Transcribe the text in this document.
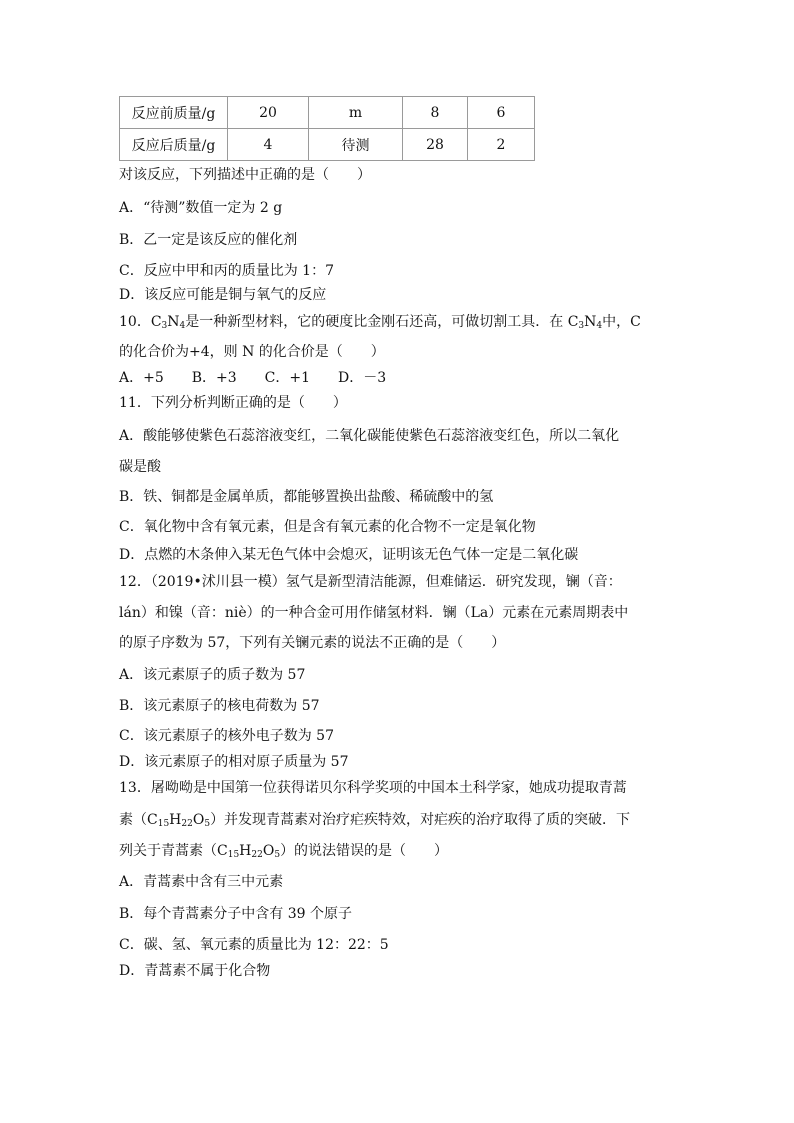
反应前质量/g	20	m	8	6
反应后质量/g	4	待测	28	2
对该反应，下列描述中正确的是（　　）
A．“待测”数值一定为 2 g
B．乙一定是该反应的催化剂
C．反应中甲和丙的质量比为 1：7
D．该反应可能是铜与氧气的反应
10．$C_3N_4$是一种新型材料，它的硬度比金刚石还高，可做切割工具．在 $C_3N_4$中，C
的化合价为+4，则 N 的化合价是（　　）
A．+5　　B．+3　　C．+1　　D．－3
11．下列分析判断正确的是（　　）
A．酸能够使紫色石蕊溶液变红，二氧化碳能使紫色石蕊溶液变红色，所以二氧化
碳是酸
B．铁、铜都是金属单质，都能够置换出盐酸、稀硫酸中的氢
C．氧化物中含有氧元素，但是含有氧元素的化合物不一定是氧化物
D．点燃的木条伸入某无色气体中会熄灭，证明该无色气体一定是二氧化碳
12．（2019•沭川县一模）氢气是新型清洁能源，但难储运．研究发现，镧（音：
lán）和镍（音：niè）的一种合金可用作储氢材料．镧（La）元素在元素周期表中
的原子序数为 57，下列有关镧元素的说法不正确的是（　　）
A．该元素原子的质子数为 57
B．该元素原子的核电荷数为 57
C．该元素原子的核外电子数为 57
D．该元素原子的相对原子质量为 57
13．屠呦呦是中国第一位获得诺贝尔科学奖项的中国本土科学家，她成功提取青蒿
素$(C_{15}H_{22}O_5)$并发现青蒿素对治疗疟疾特效，对疟疾的治疗取得了质的突破．下
列关于青蒿素$(C_{15}H_{22}O_5)$的说法错误的是（　　）
A．青蒿素中含有三中元素
B．每个青蒿素分子中含有 39 个原子
C．碳、氢、氧元素的质量比为 12：22：5
D．青蒿素不属于化合物
